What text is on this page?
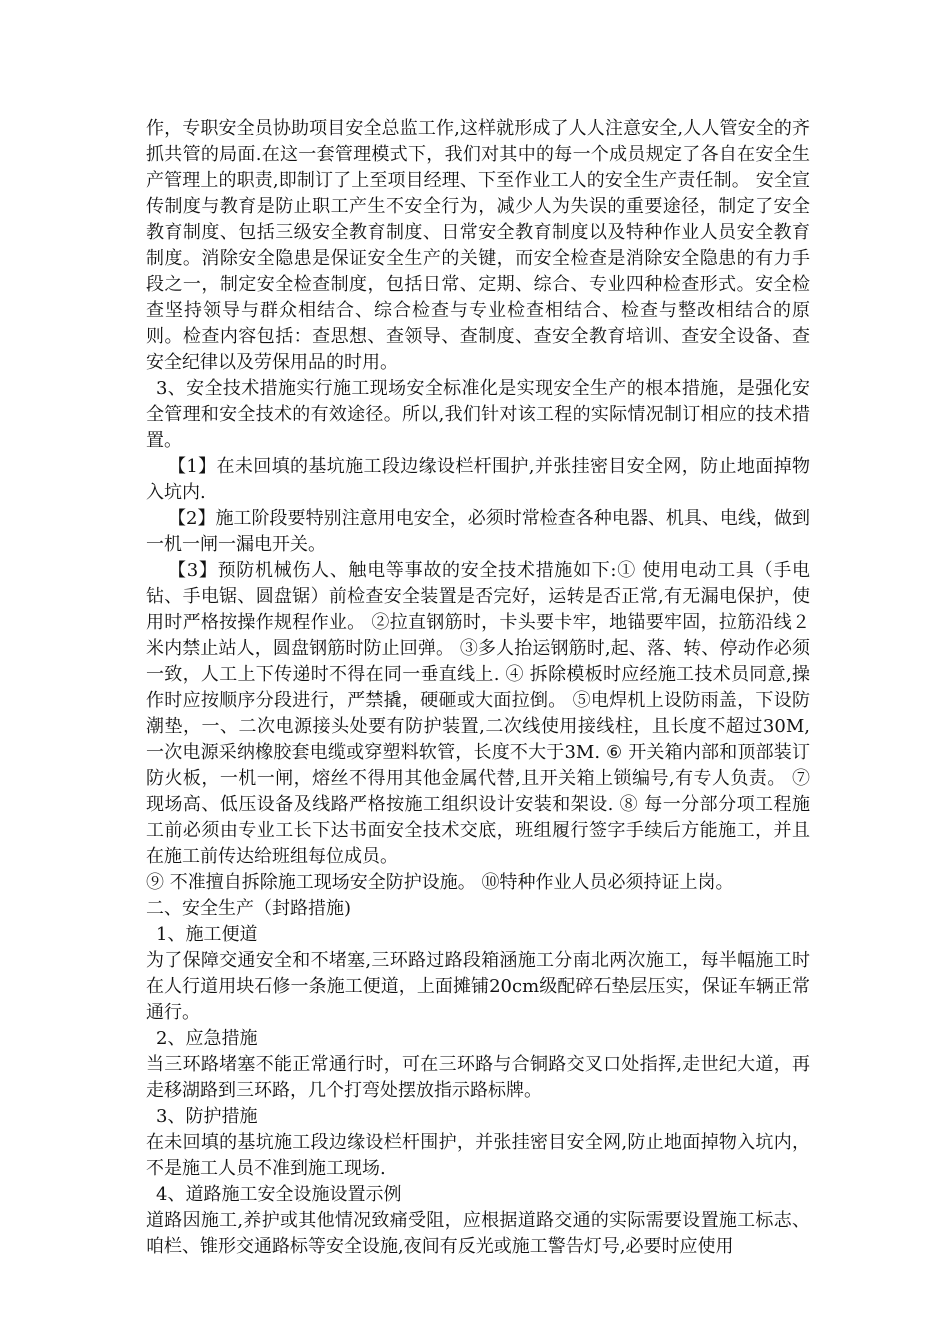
作，专职安全员协助项目安全总监工作,这样就形成了人人注意安全,人人管安全的齐抓共管的局面.在这一套管理模式下，我们对其中的每一个成员规定了各自在安全生产管理上的职责,即制订了上至项目经理、下至作业工人的安全生产责任制。 安全宣传制度与教育是防止职工产生不安全行为，减少人为失误的重要途径，制定了安全教育制度、包括三级安全教育制度、日常安全教育制度以及特种作业人员安全教育制度。消除安全隐患是保证安全生产的关键，而安全检查是消除安全隐患的有力手段之一，制定安全检查制度，包括日常、定期、综合、专业四种检查形式。安全检查坚持领导与群众相结合、综合检查与专业检查相结合、检查与整改相结合的原则。检查内容包括：查思想、查领导、查制度、查安全教育培训、查安全设备、查安全纪律以及劳保用品的时用。

3、安全技术措施实行施工现场安全标准化是实现安全生产的根本措施，是强化安全管理和安全技术的有效途径。所以,我们针对该工程的实际情况制订相应的技术措置。

【1】在未回填的基坑施工段边缘设栏杆围护,并张挂密目安全网，防止地面掉物入坑内.

【2】施工阶段要特别注意用电安全，必须时常检查各种电器、机具、电线，做到一机一闸一漏电开关。

【3】预防机械伤人、触电等事故的安全技术措施如下:① 使用电动工具（手电钻、手电锯、圆盘锯）前检查安全装置是否完好，运转是否正常,有无漏电保护，使用时严格按操作规程作业。 ②拉直钢筋时，卡头要卡牢，地锚要牢固，拉筋沿线２米内禁止站人，圆盘钢筋时防止回弹。 ③多人抬运钢筋时,起、落、转、停动作必须一致，人工上下传递时不得在同一垂直线上. ④ 拆除模板时应经施工技术员同意,操作时应按顺序分段进行，严禁撬，硬砸或大面拉倒。 ⑤电焊机上设防雨盖，下设防潮垫，一、二次电源接头处要有防护装置,二次线使用接线柱，且长度不超过30M,一次电源采纳橡胶套电缆或穿塑料软管，长度不大于3M. ⑥ 开关箱内部和顶部装订防火板，一机一闸，熔丝不得用其他金属代替,且开关箱上锁编号,有专人负责。 ⑦现场高、低压设备及线路严格按施工组织设计安装和架设. ⑧ 每一分部分项工程施工前必须由专业工长下达书面安全技术交底，班组履行签字手续后方能施工，并且在施工前传达给班组每位成员。

⑨ 不准擅自拆除施工现场安全防护设施。 ⑩特种作业人员必须持证上岗。

二、安全生产（封路措施)

1、施工便道

为了保障交通安全和不堵塞,三环路过路段箱涵施工分南北两次施工，每半幅施工时在人行道用块石修一条施工便道，上面摊铺20cm级配碎石垫层压实，保证车辆正常通行。

2、应急措施

当三环路堵塞不能正常通行时，可在三环路与合铜路交叉口处指挥,走世纪大道，再走移湖路到三环路，几个打弯处摆放指示路标牌。

3、防护措施

在未回填的基坑施工段边缘设栏杆围护，并张挂密目安全网,防止地面掉物入坑内，不是施工人员不准到施工现场.

4、道路施工安全设施设置示例

道路因施工,养护或其他情况致痛受阻，应根据道路交通的实际需要设置施工标志、咱栏、锥形交通路标等安全设施,夜间有反光或施工警告灯号,必要时应使用
